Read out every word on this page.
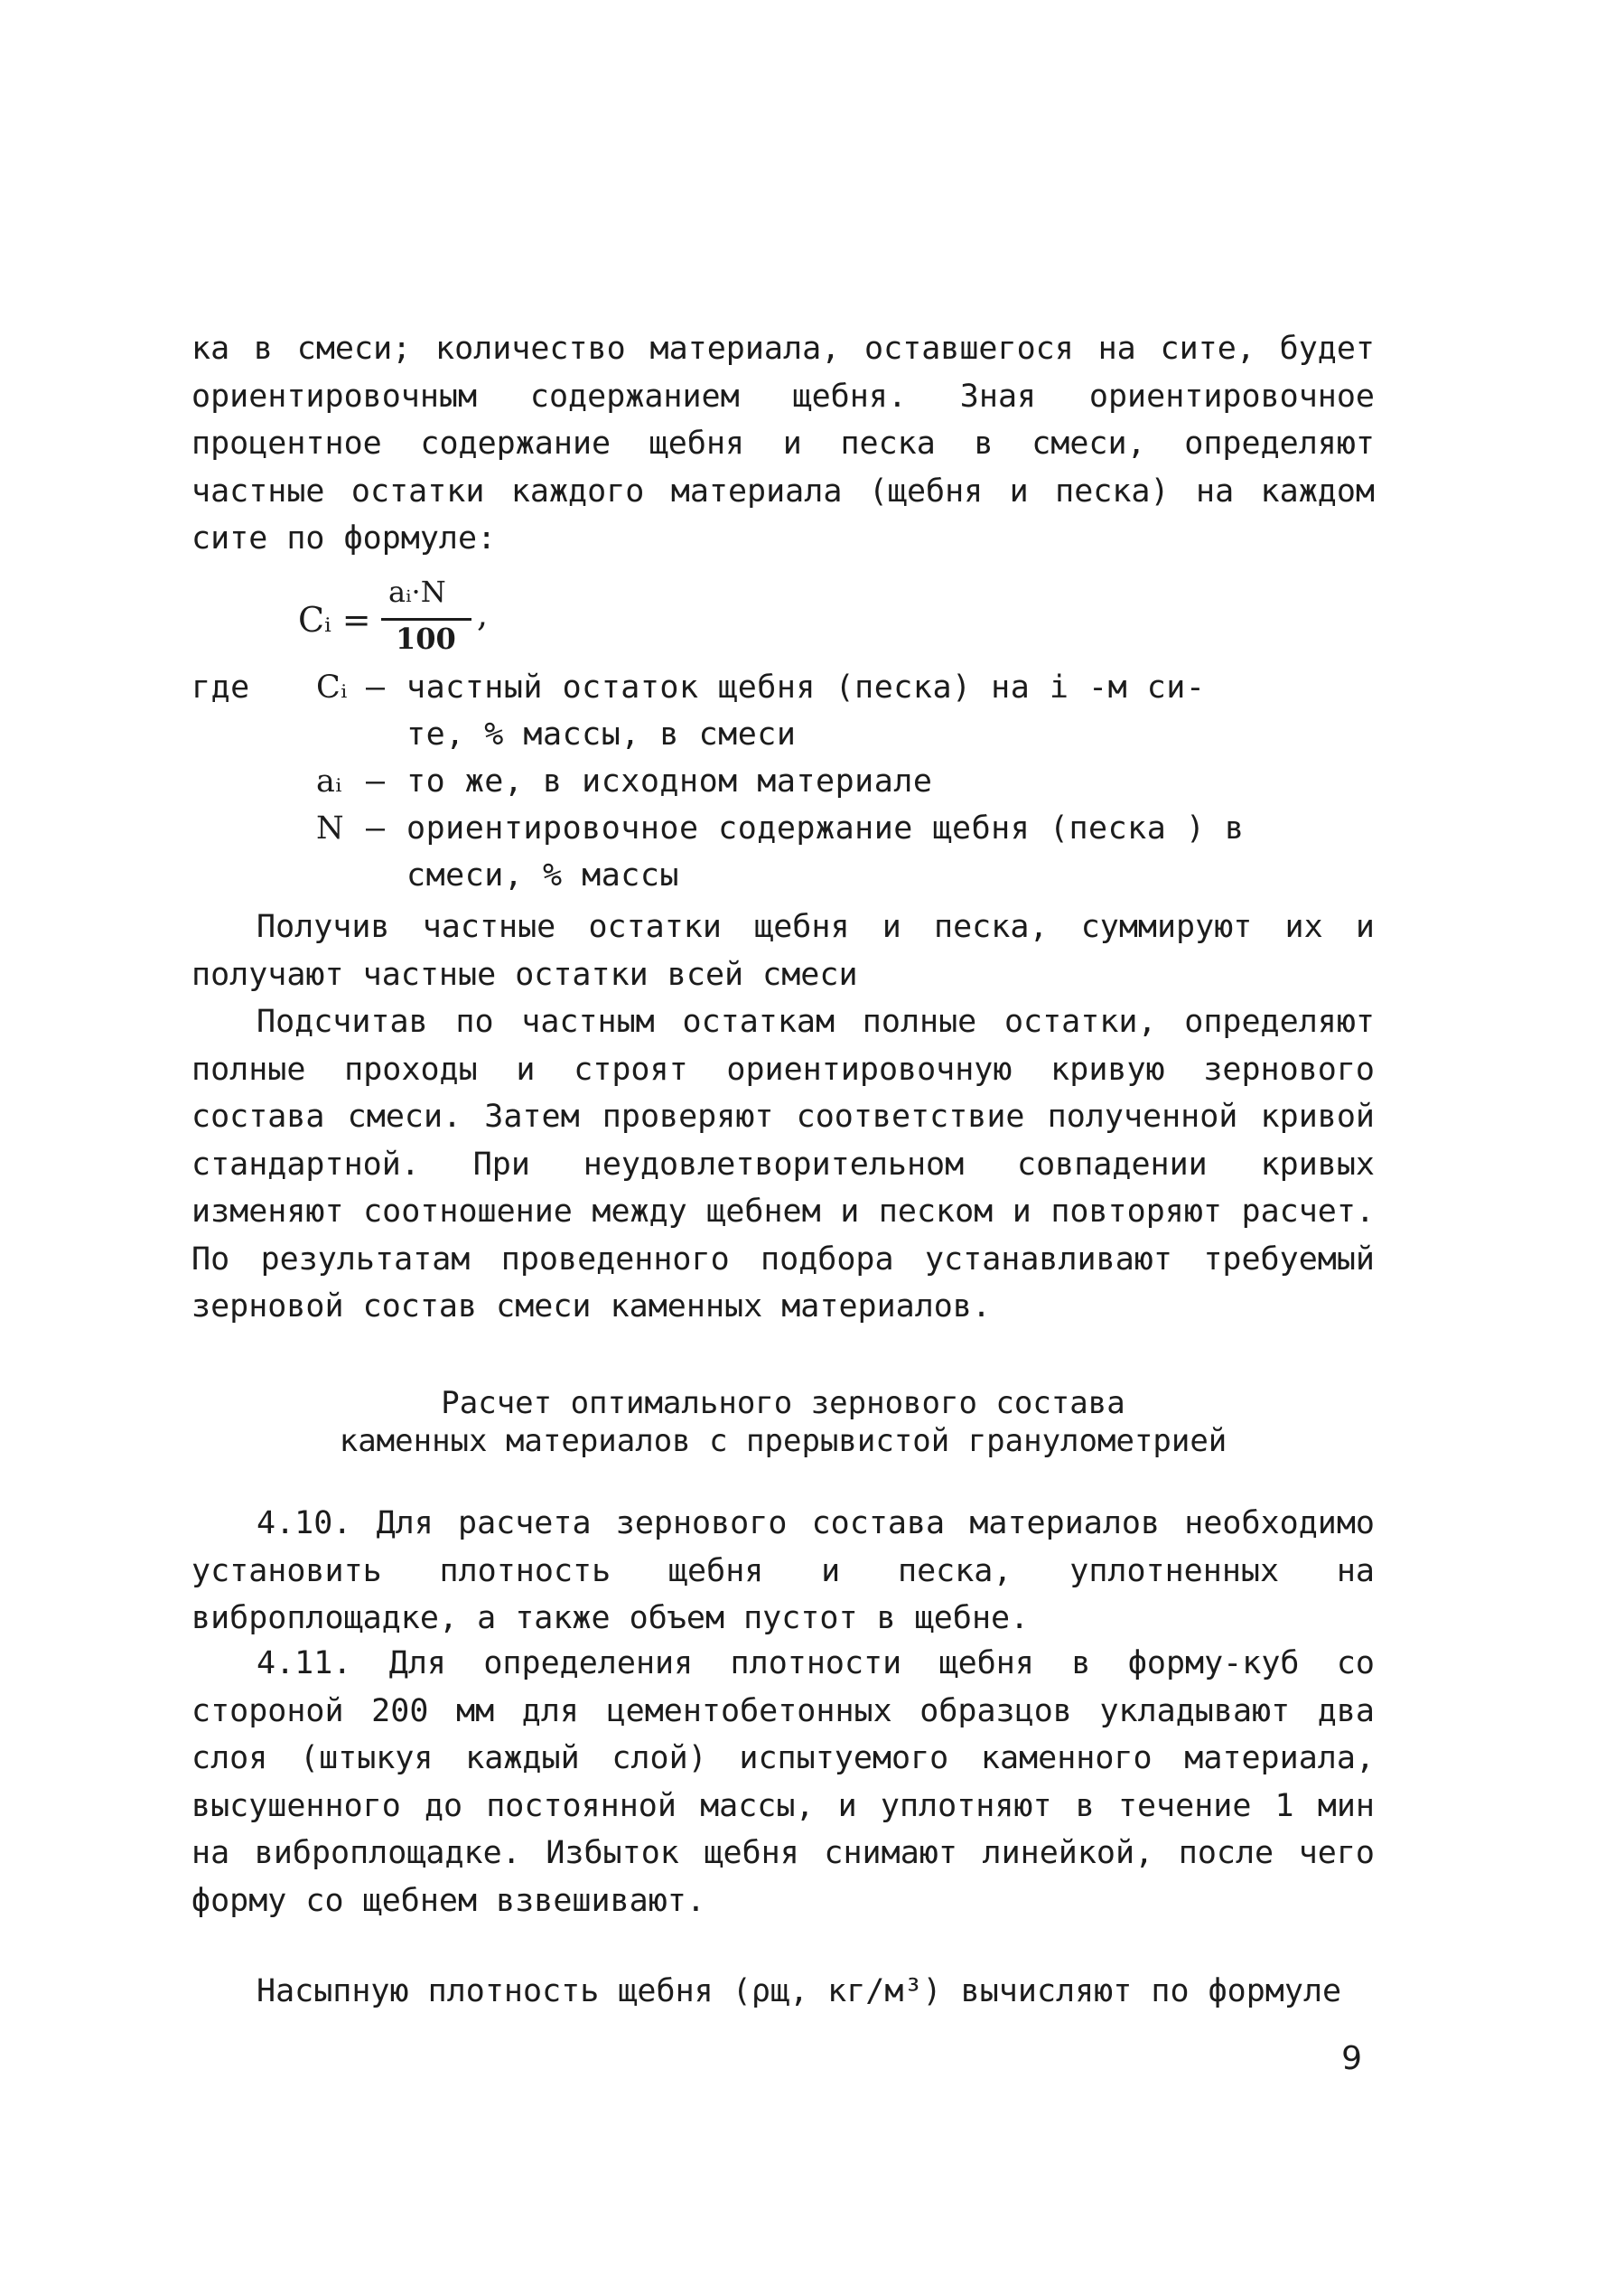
ка в смеси; количество материала, оставшегося на сите, будет ориентировочным содержанием щебня. Зная ориентировочное процентное содержание щебня и песка в смеси, определяют частные остатки каждого материала (щебня и песка) на каждом сите по формуле:
Cᵢ =
aᵢ·N
100
,
где Cᵢ – частный остаток щебня (песка) на i -м си-
те, % массы, в смеси
aᵢ – то же, в исходном материале
N – ориентировочное содержание щебня (песка ) в
смеси, % массы
Получив частные остатки щебня и песка, суммируют их и получают частные остатки всей смеси
Подсчитав по частным остаткам полные остатки, определяют полные проходы и строят ориентировочную кривую зернового состава смеси. Затем проверяют соответствие полученной кривой стандартной. При неудовлетворительном совпадении кривых изменяют соотношение между щебнем и песком и повторяют расчет. По результатам проведенного подбора устанавливают требуемый зерновой состав смеси каменных материалов.
Расчет оптимального зернового состава
каменных материалов с прерывистой гранулометрией
4.10. Для расчета зернового состава материалов необходимо установить плотность щебня и песка, уплотненных на виброплощадке, а также объем пустот в щебне.
4.11. Для определения плотности щебня в форму-куб со стороной 200 мм для цементобетонных образцов укладывают два слоя (штыкуя каждый слой) испытуемого каменного материала, высушенного до постоянной массы, и уплотняют в течение 1 мин на виброплощадке. Избыток щебня снимают линейкой, после чего форму со щебнем взвешивают.
Насыпную плотность щебня (ρщ, кг/м³) вычисляют по формуле
9
